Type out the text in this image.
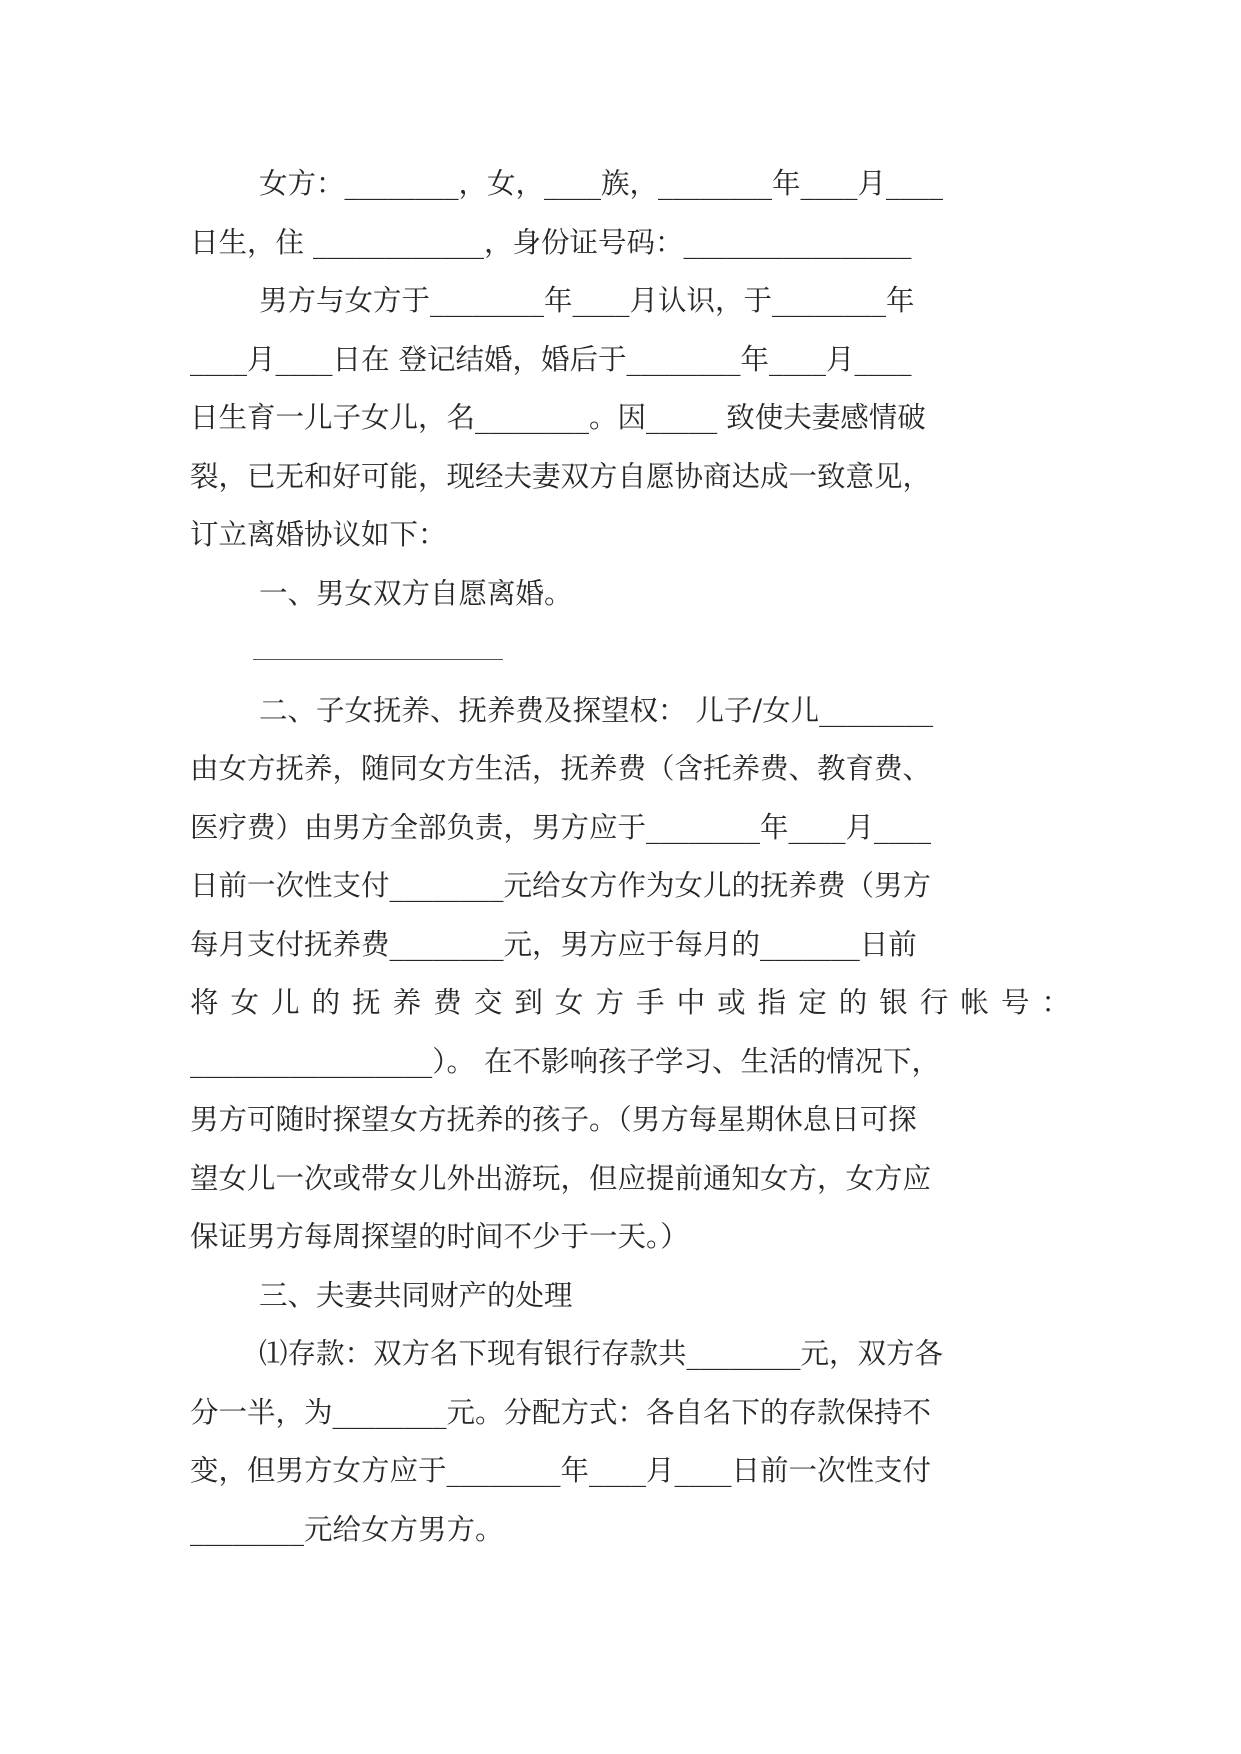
女方：________，女，____族，________年____月____
日生，住 ____________，身份证号码：________________
男方与女方于________年____月认识，于________年
____月____日在 登记结婚，婚后于________年____月____
日生育一儿子女儿，名________。因_____ 致使夫妻感情破
裂，已无和好可能，现经夫妻双方自愿协商达成一致意见，
订立离婚协议如下：
一、男女双方自愿离婚。
二、子女抚养、抚养费及探望权： 儿子/女儿________
由女方抚养，随同女方生活，抚养费（含托养费、教育费、
医疗费）由男方全部负责，男方应于________年____月____
日前一次性支付________元给女方作为女儿的抚养费（男方
每月支付抚养费________元，男方应于每月的_______日前
将女儿的抚养费交到女方手中或指定的银行帐号：
_________________）。 在不影响孩子学习、生活的情况下，
男方可随时探望女方抚养的孩子。（男方每星期休息日可探
望女儿一次或带女儿外出游玩，但应提前通知女方，女方应
保证男方每周探望的时间不少于一天。）
三、夫妻共同财产的处理
⑴存款：双方名下现有银行存款共________元，双方各
分一半，为________元。分配方式：各自名下的存款保持不
变，但男方女方应于________年____月____日前一次性支付
________元给女方男方。
